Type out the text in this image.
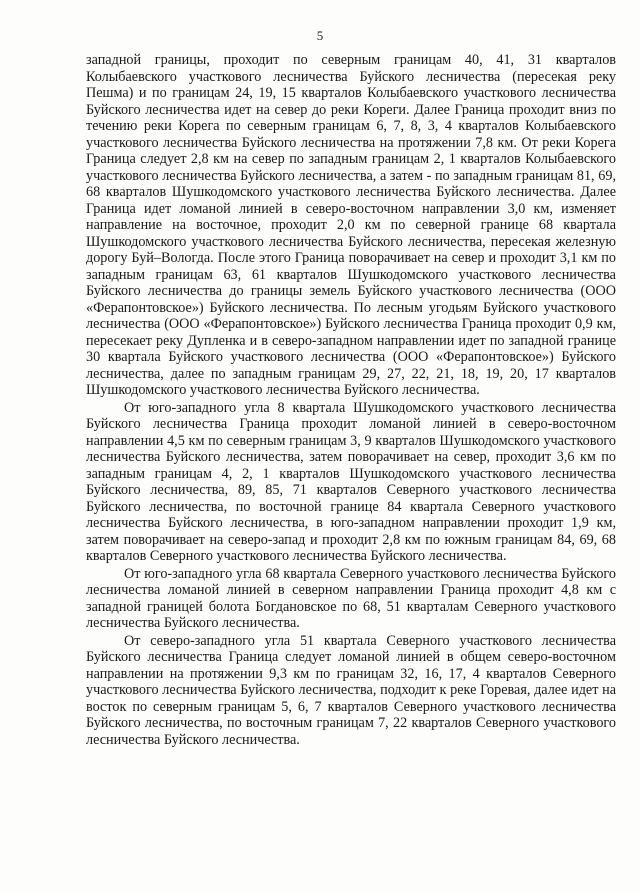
5

западной границы, проходит по северным границам 40, 41, 31 кварталов Колыбаевского участкового лесничества Буйского лесничества (пересекая реку Пешма) и по границам 24, 19, 15 кварталов Колыбаевского участкового лесничества Буйского лесничества идет на север до реки Кореги. Далее Граница проходит вниз по течению реки Корега по северным границам 6, 7, 8, 3, 4 кварталов Колыбаевского участкового лесничества Буйского лесничества на протяжении 7,8 км. От реки Корега Граница следует 2,8 км на север по западным границам 2, 1 кварталов Колыбаевского участкового лесничества Буйского лесничества, а затем - по западным границам 81, 69, 68 кварталов Шушкодомского участкового лесничества Буйского лесничества. Далее Граница идет ломаной линией в северо-восточном направлении 3,0 км, изменяет направление на восточное, проходит 2,0 км по северной границе 68 квартала Шушкодомского участкового лесничества Буйского лесничества, пересекая железную дорогу Буй–Вологда. После этого Граница поворачивает на север и проходит 3,1 км по западным границам 63, 61 кварталов Шушкодомского участкового лесничества Буйского лесничества до границы земель Буйского участкового лесничества (ООО «Ферапонтовское») Буйского лесничества. По лесным угодьям Буйского участкового лесничества (ООО «Ферапонтовское») Буйского лесничества Граница проходит 0,9 км, пересекает реку Дупленка и в северо-западном направлении идет по западной границе 30 квартала Буйского участкового лесничества (ООО «Ферапонтовское») Буйского лесничества, далее по западным границам 29, 27, 22, 21, 18, 19, 20, 17 кварталов Шушкодомского участкового лесничества Буйского лесничества.

От юго-западного угла 8 квартала Шушкодомского участкового лесничества Буйского лесничества Граница проходит ломаной линией в северо-восточном направлении 4,5 км по северным границам 3, 9 кварталов Шушкодомского участкового лесничества Буйского лесничества, затем поворачивает на север, проходит 3,6 км по западным границам 4, 2, 1 кварталов Шушкодомского участкового лесничества Буйского лесничества, 89, 85, 71 кварталов Северного участкового лесничества Буйского лесничества, по восточной границе 84 квартала Северного участкового лесничества Буйского лесничества, в юго-западном направлении проходит 1,9 км, затем поворачивает на северо-запад и проходит 2,8 км по южным границам 84, 69, 68 кварталов Северного участкового лесничества Буйского лесничества.

От юго-западного угла 68 квартала Северного участкового лесничества Буйского лесничества ломаной линией в северном направлении Граница проходит 4,8 км с западной границей болота Богдановское по 68, 51 кварталам Северного участкового лесничества Буйского лесничества.

От северо-западного угла 51 квартала Северного участкового лесничества Буйского лесничества Граница следует ломаной линией в общем северо-восточном направлении на протяжении 9,3 км по границам 32, 16, 17, 4 кварталов Северного участкового лесничества Буйского лесничества, подходит к реке Горевая, далее идет на восток по северным границам 5, 6, 7 кварталов Северного участкового лесничества Буйского лесничества, по восточным границам 7, 22 кварталов Северного участкового лесничества Буйского лесничества.
